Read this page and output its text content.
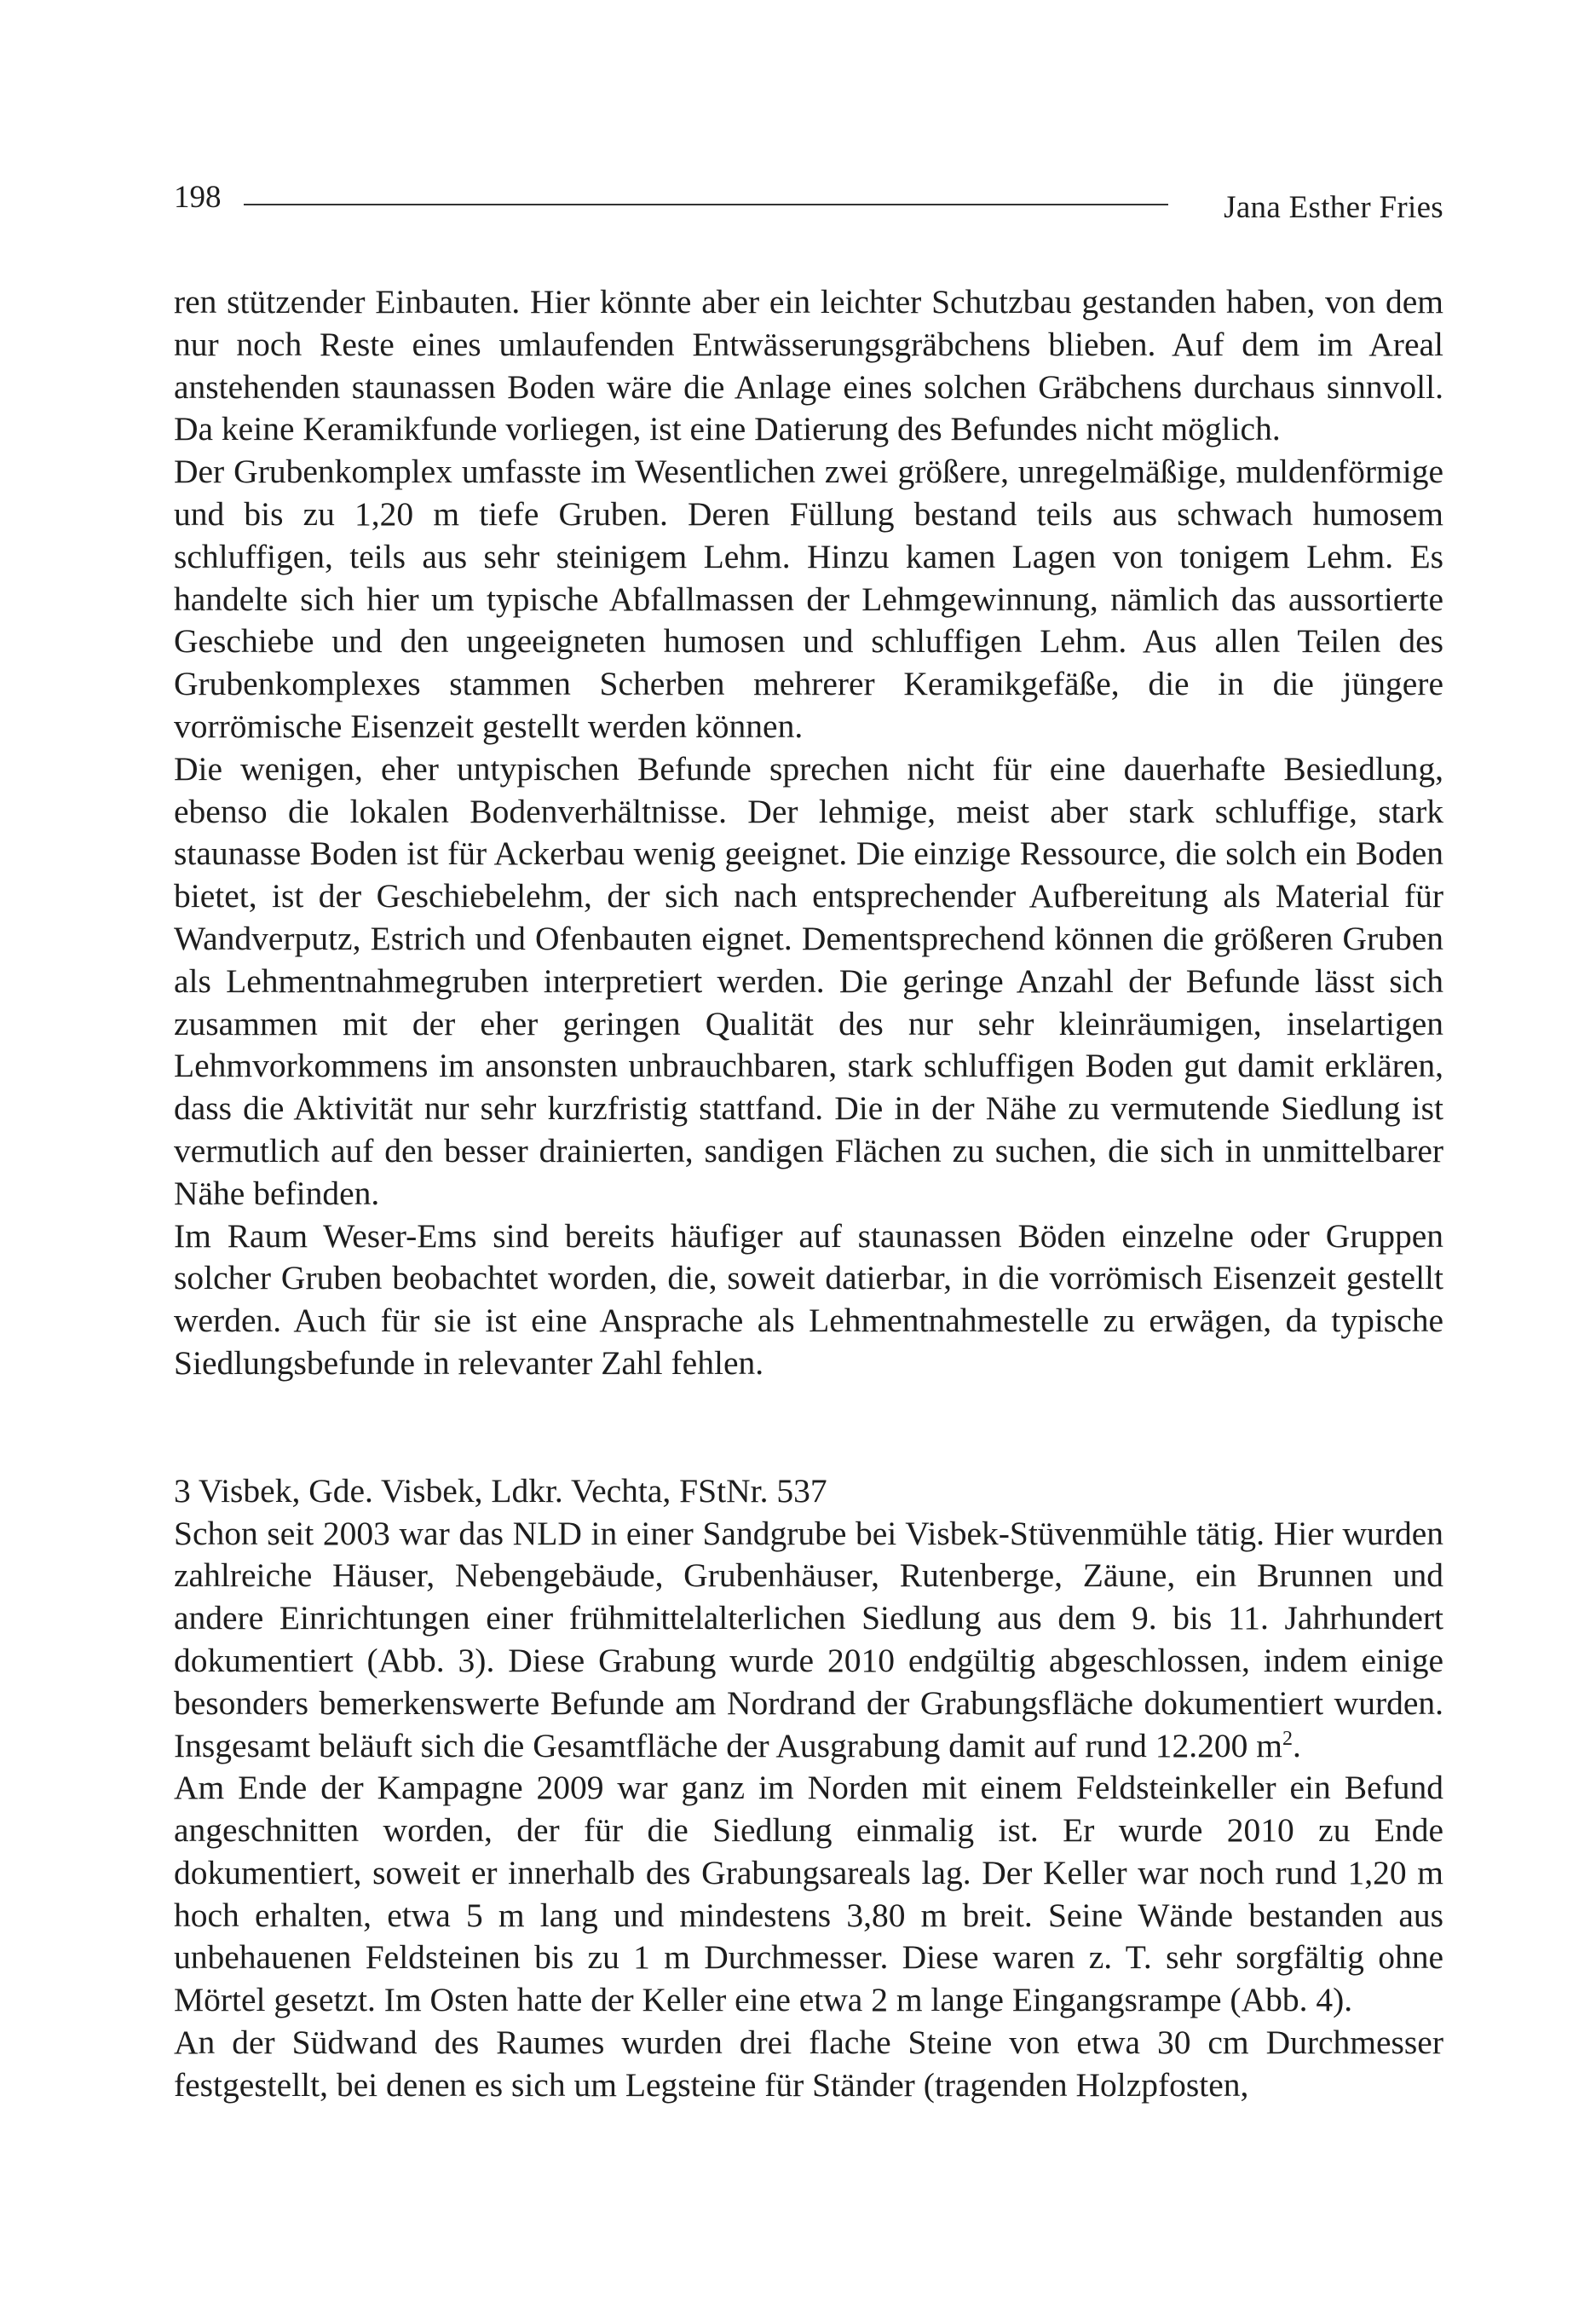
198	Jana Esther Fries

ren stützender Einbauten. Hier könnte aber ein leichter Schutzbau gestanden haben, von dem nur noch Reste eines umlaufenden Entwässerungsgräbchens blieben. Auf dem im Areal anstehenden staunassen Boden wäre die Anlage eines solchen Gräbchens durchaus sinnvoll. Da keine Keramikfunde vorliegen, ist eine Datierung des Befundes nicht möglich.

Der Grubenkomplex umfasste im Wesentlichen zwei größere, unregelmäßige, muldenförmige und bis zu 1,20 m tiefe Gruben. Deren Füllung bestand teils aus schwach humosem schluffigen, teils aus sehr steinigem Lehm. Hinzu kamen Lagen von tonigem Lehm. Es handelte sich hier um typische Abfallmassen der Lehmgewinnung, nämlich das aussortierte Geschiebe und den ungeeigneten humosen und schluffigen Lehm. Aus allen Teilen des Grubenkomplexes stammen Scherben mehrerer Keramikgefäße, die in die jüngere vorrömische Eisenzeit gestellt werden können.

Die wenigen, eher untypischen Befunde sprechen nicht für eine dauerhafte Besiedlung, ebenso die lokalen Bodenverhältnisse. Der lehmige, meist aber stark schluffige, stark staunasse Boden ist für Ackerbau wenig geeignet. Die einzige Ressource, die solch ein Boden bietet, ist der Geschiebelehm, der sich nach entsprechender Aufbereitung als Material für Wandverputz, Estrich und Ofenbauten eignet. Dementsprechend können die größeren Gruben als Lehmentnahmegruben interpretiert werden. Die geringe Anzahl der Befunde lässt sich zusammen mit der eher geringen Qualität des nur sehr kleinräumigen, inselartigen Lehmvorkommens im ansonsten unbrauchbaren, stark schluffigen Boden gut damit erklären, dass die Aktivität nur sehr kurzfristig stattfand. Die in der Nähe zu vermutende Siedlung ist vermutlich auf den besser drainierten, sandigen Flächen zu suchen, die sich in unmittelbarer Nähe befinden.

Im Raum Weser-Ems sind bereits häufiger auf staunassen Böden einzelne oder Gruppen solcher Gruben beobachtet worden, die, soweit datierbar, in die vorrömisch Eisenzeit gestellt werden. Auch für sie ist eine Ansprache als Lehmentnahmestelle zu erwägen, da typische Siedlungsbefunde in relevanter Zahl fehlen.

3 Visbek, Gde. Visbek, Ldkr. Vechta, FStNr. 537

Schon seit 2003 war das NLD in einer Sandgrube bei Visbek-Stüvenmühle tätig. Hier wurden zahlreiche Häuser, Nebengebäude, Grubenhäuser, Rutenberge, Zäune, ein Brunnen und andere Einrichtungen einer frühmittelalterlichen Siedlung aus dem 9. bis 11. Jahrhundert dokumentiert (Abb. 3). Diese Grabung wurde 2010 endgültig abgeschlossen, indem einige besonders bemerkenswerte Befunde am Nordrand der Grabungsfläche dokumentiert wurden. Insgesamt beläuft sich die Gesamtfläche der Ausgrabung damit auf rund 12.200 $m^2$.

Am Ende der Kampagne 2009 war ganz im Norden mit einem Feldsteinkeller ein Befund angeschnitten worden, der für die Siedlung einmalig ist. Er wurde 2010 zu Ende dokumentiert, soweit er innerhalb des Grabungsareals lag. Der Keller war noch rund 1,20 m hoch erhalten, etwa 5 m lang und mindestens 3,80 m breit. Seine Wände bestanden aus unbehauenen Feldsteinen bis zu 1 m Durchmesser. Diese waren z. T. sehr sorgfältig ohne Mörtel gesetzt. Im Osten hatte der Keller eine etwa 2 m lange Eingangsrampe (Abb. 4).

An der Südwand des Raumes wurden drei flache Steine von etwa 30 cm Durchmesser festgestellt, bei denen es sich um Legsteine für Ständer (tragenden Holzpfosten,
